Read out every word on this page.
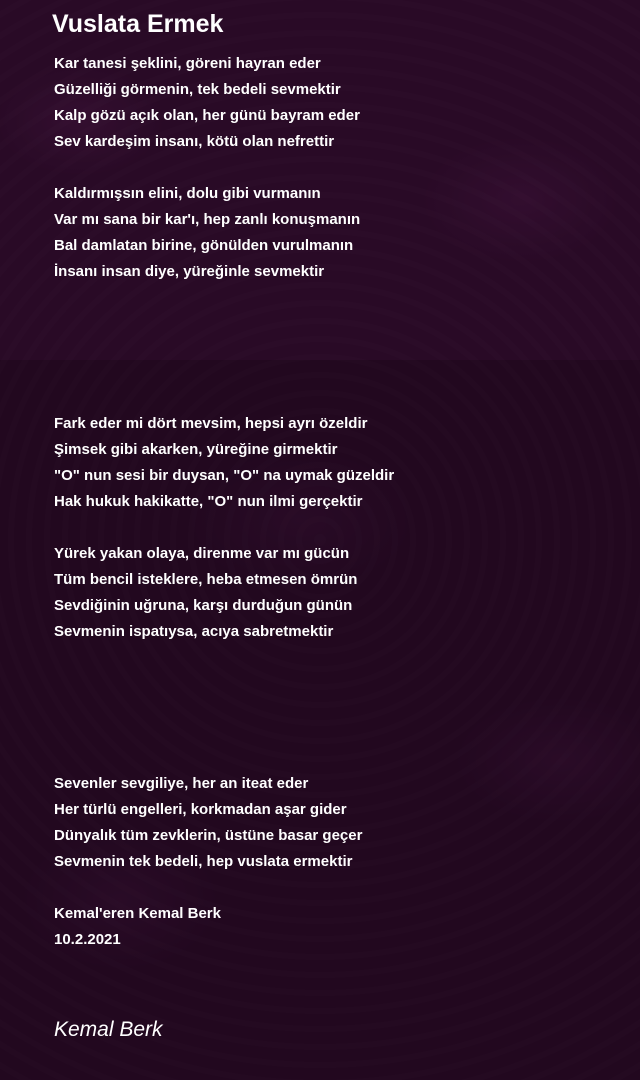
Vuslata Ermek
Kar tanesi şeklini, göreni hayran eder
Güzelliği görmenin, tek bedeli sevmektir
Kalp gözü açık olan, her günü bayram eder
Sev kardeşim insanı, kötü olan nefrettir
Kaldırmışsın elini, dolu gibi vurmanın
Var mı sana bir kar'ı, hep zanlı konuşmanın
Bal damlatan birine, gönülden vurulmanın
İnsanı insan diye, yüreğinle sevmektir
Fark eder mi dört mevsim, hepsi ayrı özeldir
Şimsek gibi akarken, yüreğine girmektir
"O" nun sesi bir duysan, "O" na uymak güzeldir
Hak hukuk hakikatte, "O" nun ilmi gerçektir
Yürek yakan olaya, direnme var mı gücün
Tüm bencil isteklere, heba etmesen ömrün
Sevdiğinin uğruna, karşı durduğun günün
Sevmenin ispatıysa, acıya sabretmektir
Sevenler sevgiliye, her an iteat eder
Her türlü engelleri, korkmadan aşar gider
Dünyalık tüm zevklerin, üstüne basar geçer
Sevmenin tek bedeli, hep vuslata ermektir
Kemal'eren Kemal Berk
10.2.2021
Kemal Berk
